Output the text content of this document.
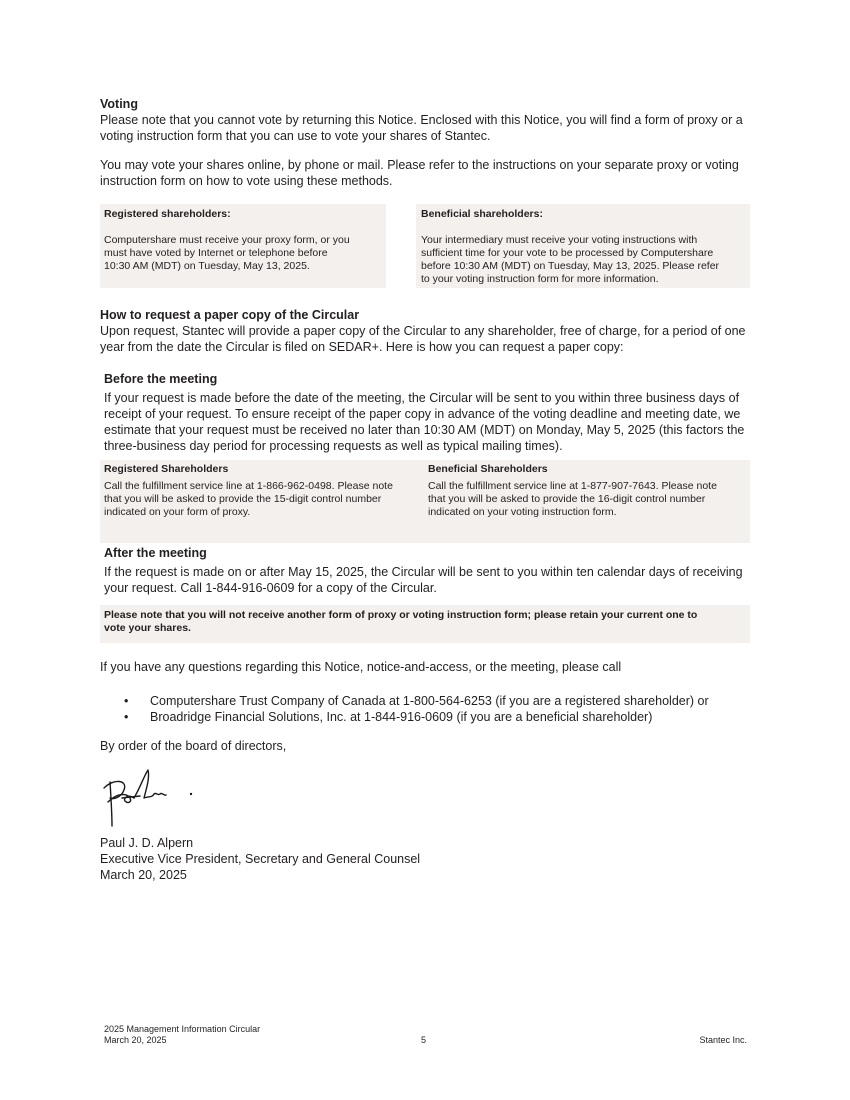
Voting
Please note that you cannot vote by returning this Notice. Enclosed with this Notice, you will find a form of proxy or a
voting instruction form that you can use to vote your shares of Stantec.
You may vote your shares online, by phone or mail. Please refer to the instructions on your separate proxy or voting
instruction form on how to vote using these methods.
Registered shareholders:
Computershare must receive your proxy form, or you
must have voted by Internet or telephone before
10:30 AM (MDT) on Tuesday, May 13, 2025.
Beneficial shareholders:
Your intermediary must receive your voting instructions with
sufficient time for your vote to be processed by Computershare
before 10:30 AM (MDT) on Tuesday, May 13, 2025. Please refer
to your voting instruction form for more information.
How to request a paper copy of the Circular
Upon request, Stantec will provide a paper copy of the Circular to any shareholder, free of charge, for a period of one
year from the date the Circular is filed on SEDAR+. Here is how you can request a paper copy:
Before the meeting
If your request is made before the date of the meeting, the Circular will be sent to you within three business days of
receipt of your request. To ensure receipt of the paper copy in advance of the voting deadline and meeting date, we
estimate that your request must be received no later than 10:30 AM (MDT) on Monday, May 5, 2025 (this factors the
three-business day period for processing requests as well as typical mailing times).
Registered Shareholders
Call the fulfillment service line at 1-866-962-0498. Please note
that you will be asked to provide the 15-digit control number
indicated on your form of proxy.
Beneficial Shareholders
Call the fulfillment service line at 1-877-907-7643. Please note
that you will be asked to provide the 16-digit control number
indicated on your voting instruction form.
After the meeting
If the request is made on or after May 15, 2025, the Circular will be sent to you within ten calendar days of receiving
your request. Call 1-844-916-0609 for a copy of the Circular.
Please note that you will not receive another form of proxy or voting instruction form; please retain your current one to
vote your shares.
If you have any questions regarding this Notice, notice-and-access, or the meeting, please call
• Computershare Trust Company of Canada at 1-800-564-6253 (if you are a registered shareholder) or
• Broadridge Financial Solutions, Inc. at 1-844-916-0609 (if you are a beneficial shareholder)
By order of the board of directors,
Paul J. D. Alpern
Executive Vice President, Secretary and General Counsel
March 20, 2025
2025 Management Information Circular
March 20, 2025	5	Stantec Inc.
